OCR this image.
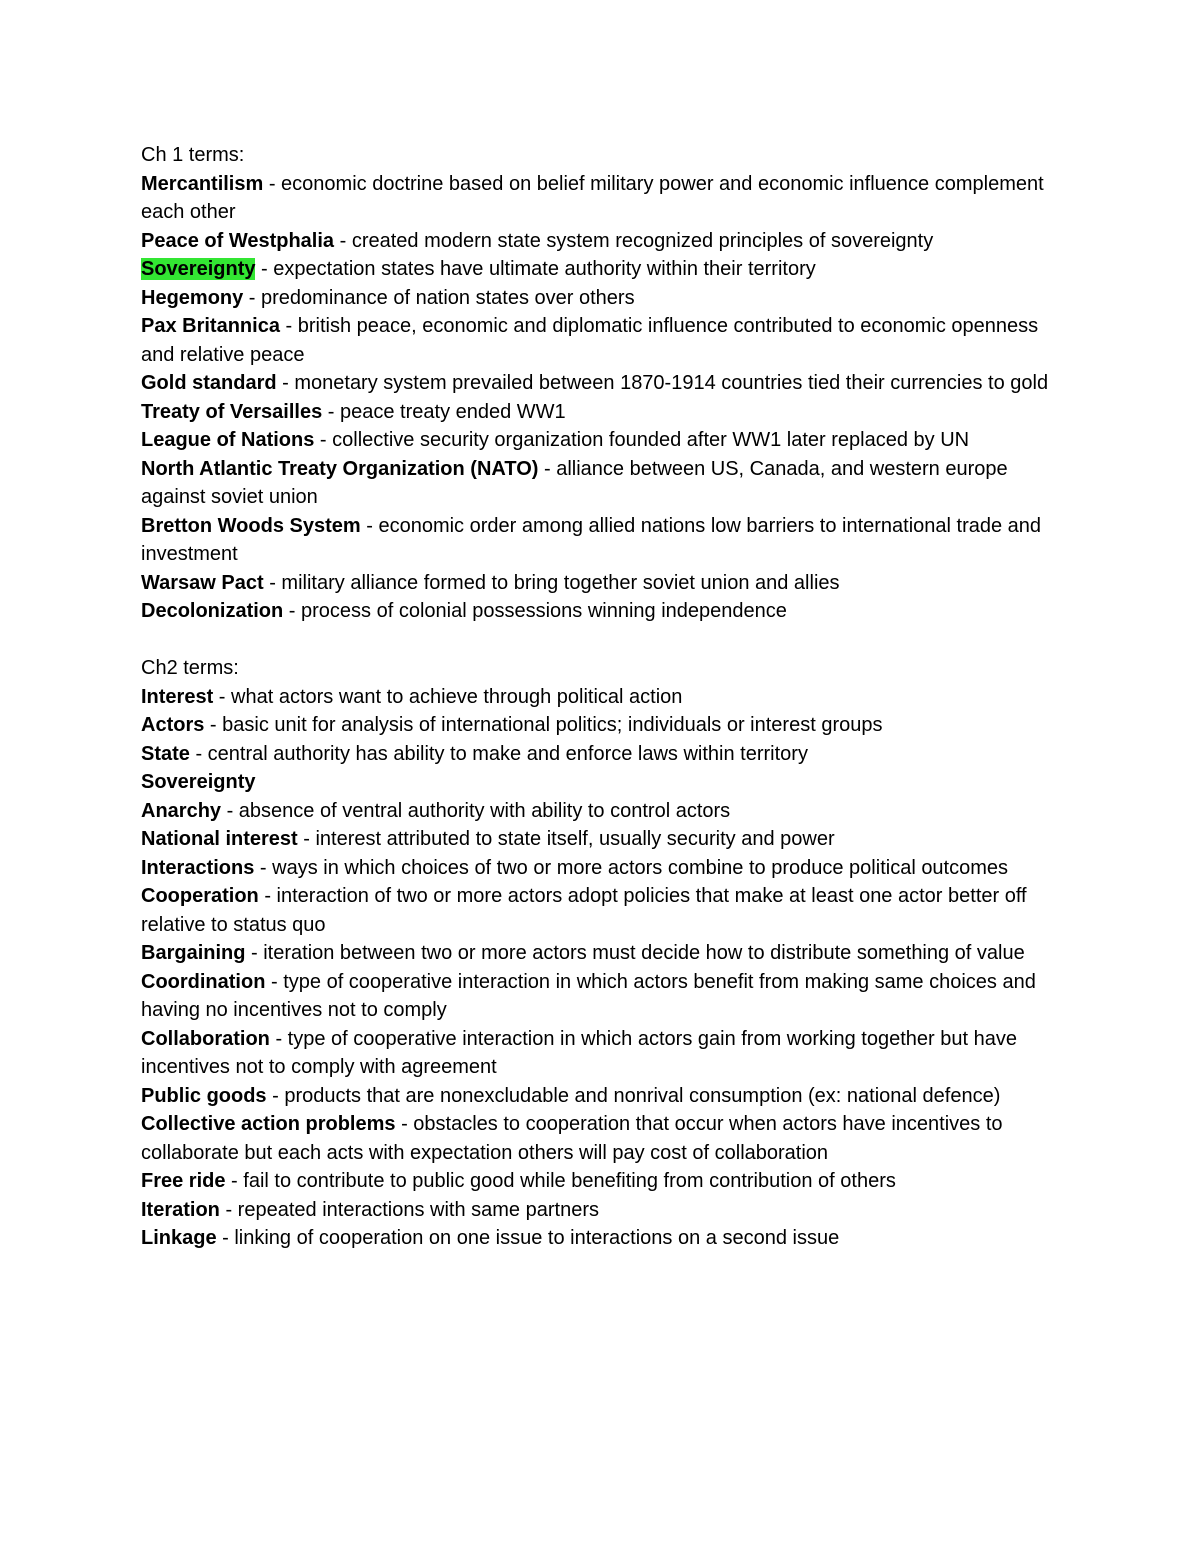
Ch 1 terms:
Mercantilism - economic doctrine based on belief military power and economic influence complement each other
Peace of Westphalia - created modern state system recognized principles of sovereignty
Sovereignty - expectation states have ultimate authority within their territory
Hegemony - predominance of nation states over others
Pax Britannica - british peace, economic and diplomatic influence contributed to economic openness and relative peace
Gold standard - monetary system prevailed between 1870-1914 countries tied their currencies to gold
Treaty of Versailles - peace treaty ended WW1
League of Nations - collective security organization founded after WW1 later replaced by UN
North Atlantic Treaty Organization (NATO) - alliance between US, Canada, and western europe against soviet union
Bretton Woods System - economic order among allied nations low barriers to international trade and investment
Warsaw Pact - military alliance formed to bring together soviet union and allies
Decolonization - process of colonial possessions winning independence
Ch2 terms:
Interest - what actors want to achieve through political action
Actors - basic unit for analysis of international politics; individuals or interest groups
State - central authority has ability to make and enforce laws within territory
Sovereignty
Anarchy - absence of ventral authority with ability to control actors
National interest - interest attributed to state itself, usually security and power
Interactions - ways in which choices of two or more actors combine to produce political outcomes
Cooperation - interaction of two or more actors adopt policies that make at least one actor better off relative to status quo
Bargaining - iteration between two or more actors must decide how to distribute something of value
Coordination - type of cooperative interaction in which actors benefit from making same choices and having no incentives not to comply
Collaboration - type of cooperative interaction in which actors gain from working together but have incentives not to comply with agreement
Public goods - products that are nonexcludable and nonrival consumption (ex: national defence)
Collective action problems - obstacles to cooperation that occur when actors have incentives to collaborate but each acts with expectation others will pay cost of collaboration
Free ride - fail to contribute to public good while benefiting from contribution of others
Iteration - repeated interactions with same partners
Linkage - linking of cooperation on one issue to interactions on a second issue
